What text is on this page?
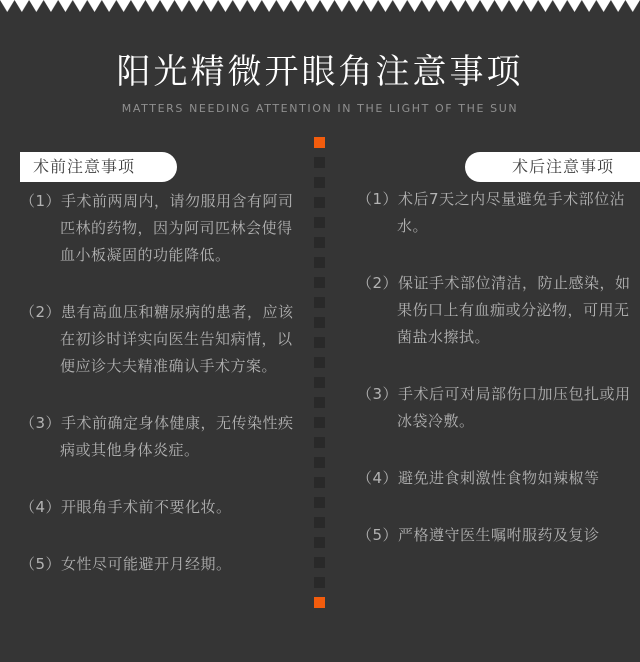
阳光精微开眼角注意事项
MATTERS NEEDING ATTENTION IN THE LIGHT OF THE SUN
术前注意事项	术后注意事项

（1）手术前两周内，请勿服用含有阿司匹林的药物，因为阿司匹林会使得血小板凝固的功能降低。

（2）患有高血压和糖尿病的患者，应该在初诊时详实向医生告知病情，以便应诊大夫精准确认手术方案。

（3）手术前确定身体健康，无传染性疾病或其他身体炎症。

（4）开眼角手术前不要化妆。

（5）女性尽可能避开月经期。

（1）术后7天之内尽量避免手术部位沾水。

（2）保证手术部位清洁，防止感染，如果伤口上有血痂或分泌物，可用无菌盐水擦拭。

（3）手术后可对局部伤口加压包扎或用冰袋冷敷。

（4）避免进食刺激性食物如辣椒等

（5）严格遵守医生嘱咐服药及复诊
